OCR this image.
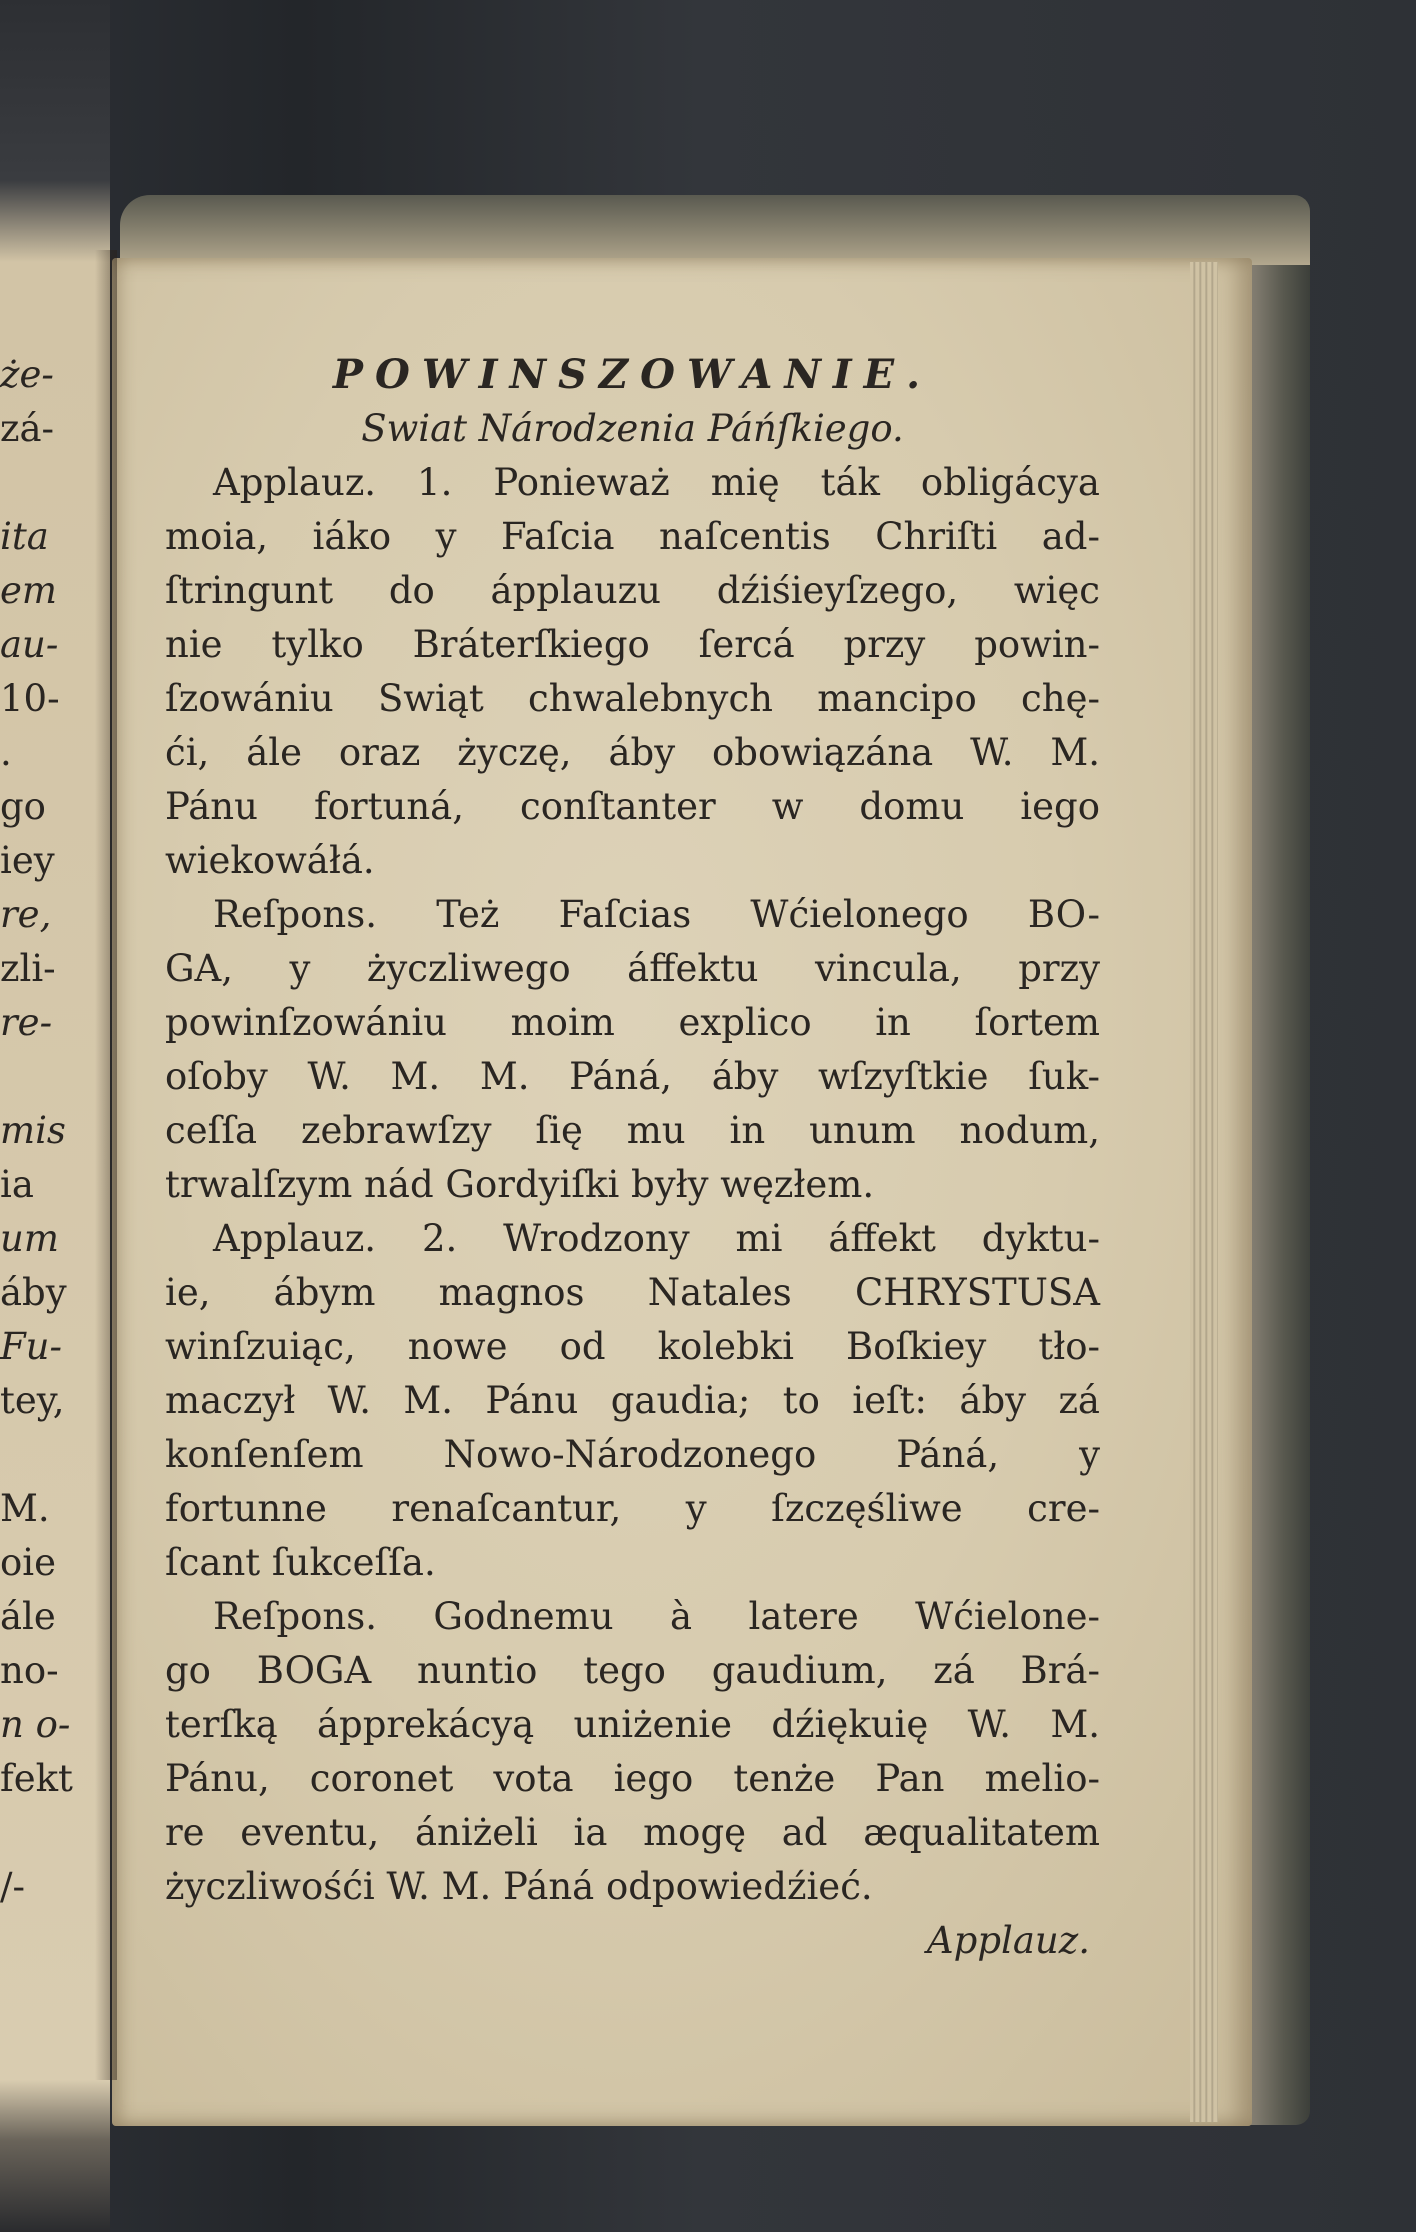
że-
zá-

ita
em
au-
10-
.
go
iey
re,
zli-
re-

mis
ia
um
áby
Fu-
tey,

M.
oie
ále
no-
n o-
fekt

/-
POWINSZOWANIE.
Swiat Národzenia Páńſkiego.
Applauz. 1. Ponieważ mię ták obligácya
moia, iáko y Faſcia naſcentis Chriſti ad-
ſtringunt do ápplauzu dźiśieyſzego, więc
nie tylko Bráterſkiego ſercá przy powin-
ſzowániu Swiąt chwalebnych mancipo chę-
ći, ále oraz życzę, áby obowiązána W. M.
Pánu fortuná, conſtanter w domu iego
wiekowáłá.
Reſpons. Też Faſcias Wćielonego BO-
GA, y życzliwego áffektu vincula, przy
powinſzowániu moim explico in ſortem
oſoby W. M. M. Páná, áby wſzyſtkie ſuk-
ceſſa zebrawſzy ſię mu in unum nodum,
trwalſzym nád Gordyiſki były węzłem.
Applauz. 2. Wrodzony mi áffekt dyktu-
ie, ábym magnos Natales CHRYSTUSA
winſzuiąc, nowe od kolebki Boſkiey tło-
maczył W. M. Pánu gaudia; to ieſt: áby zá
konſenſem Nowo-Národzonego Páná, y
fortunne renaſcantur, y ſzczęśliwe cre-
ſcant ſukceſſa.
Reſpons. Godnemu à latere Wćielone-
go BOGA nuntio tego gaudium, zá Brá-
terſką ápprekácyą uniżenie dźiękuię W. M.
Pánu, coronet vota iego tenże Pan melio-
re eventu, ániżeli ia mogę ad æqualitatem
życzliwośći W. M. Páná odpowiedźieć.
Applauz.
